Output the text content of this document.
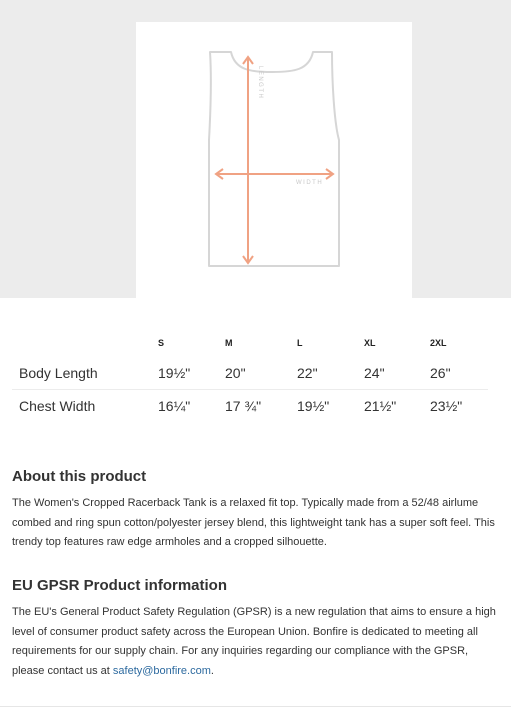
LENGTH
WIDTH
	S	M	L	XL	2XL
Body Length	19½"	20"	22"	24"	26"
Chest Width	16¼"	17 ¾"	19½"	21½"	23½"
About this product

The Women's Cropped Racerback Tank is a relaxed fit top. Typically made from a 52/48 airlume combed and ring spun cotton/polyester jersey blend, this lightweight tank has a super soft feel. This trendy top features raw edge armholes and a cropped silhouette.

EU GPSR Product information

The EU's General Product Safety Regulation (GPSR) is a new regulation that aims to ensure a high level of consumer product safety across the European Union. Bonfire is dedicated to meeting all requirements for our supply chain. For any inquiries regarding our compliance with the GPSR, please contact us at safety@bonfire.com.
